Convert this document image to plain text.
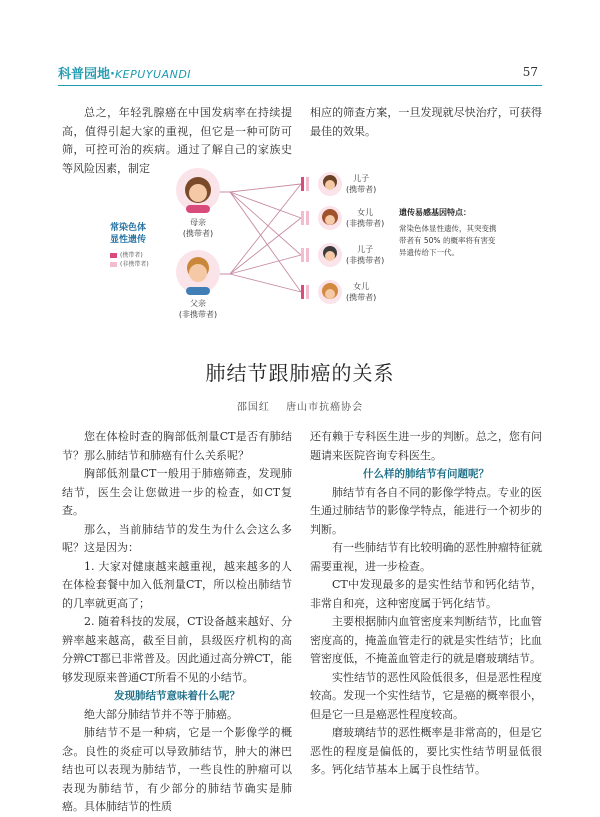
科普园地·KEPUYUANDI	57

总之，年轻乳腺癌在中国发病率在持续提高，值得引起大家的重视，但它是一种可防可筛，可控可治的疾病。通过了解自己的家族史等风险因素，制定

相应的筛查方案，一旦发现就尽快治疗，可获得最佳的效果。

常染色体
显性遗传
(携带者)
(非携带者)
母亲
(携带者)
父亲
(非携带者)
儿子
(携带者)
女儿
(非携带者)
儿子
(非携带者)
女儿
(携带者)
遗传易感基因特点：
常染色体显性遗传，其突变携带者有 50% 的概率将有害变异遗传给下一代。
肺结节跟肺癌的关系
邵国红 唐山市抗癌协会

您在体检时查的胸部低剂量CT是否有肺结节？那么肺结节和肺癌有什么关系呢？

胸部低剂量CT一般用于肺癌筛查，发现肺结节，医生会让您做进一步的检查，如CT复查。

那么，当前肺结节的发生为什么会这么多呢？这是因为：

1. 大家对健康越来越重视，越来越多的人在体检套餐中加入低剂量CT，所以检出肺结节的几率就更高了；

2. 随着科技的发展，CT设备越来越好、分辨率越来越高，截至目前，县级医疗机构的高分辨CT都已非常普及。因此通过高分辨CT，能够发现原来普通CT所看不见的小结节。

发现肺结节意味着什么呢？

绝大部分肺结节并不等于肺癌。

肺结节不是一种病，它是一个影像学的概念。良性的炎症可以导致肺结节，肿大的淋巴结也可以表现为肺结节，一些良性的肿瘤可以表现为肺结节，有少部分的肺结节确实是肺癌。具体肺结节的性质

还有赖于专科医生进一步的判断。总之，您有问题请来医院咨询专科医生。

什么样的肺结节有问题呢？

肺结节有各自不同的影像学特点。专业的医生通过肺结节的影像学特点，能进行一个初步的判断。

有一些肺结节有比较明确的恶性肿瘤特征就需要重视，进一步检查。

CT中发现最多的是实性结节和钙化结节，非常自和亮，这种密度属于钙化结节。

主要根据肺内血管密度来判断结节，比血管密度高的，掩盖血管走行的就是实性结节；比血管密度低，不掩盖血管走行的就是磨玻璃结节。

实性结节的恶性风险低很多，但是恶性程度较高。发现一个实性结节，它是癌的概率很小，但是它一旦是癌恶性程度较高。

磨玻璃结节的恶性概率是非常高的，但是它恶性的程度是偏低的，要比实性结节明显低很多。钙化结节基本上属于良性结节。
